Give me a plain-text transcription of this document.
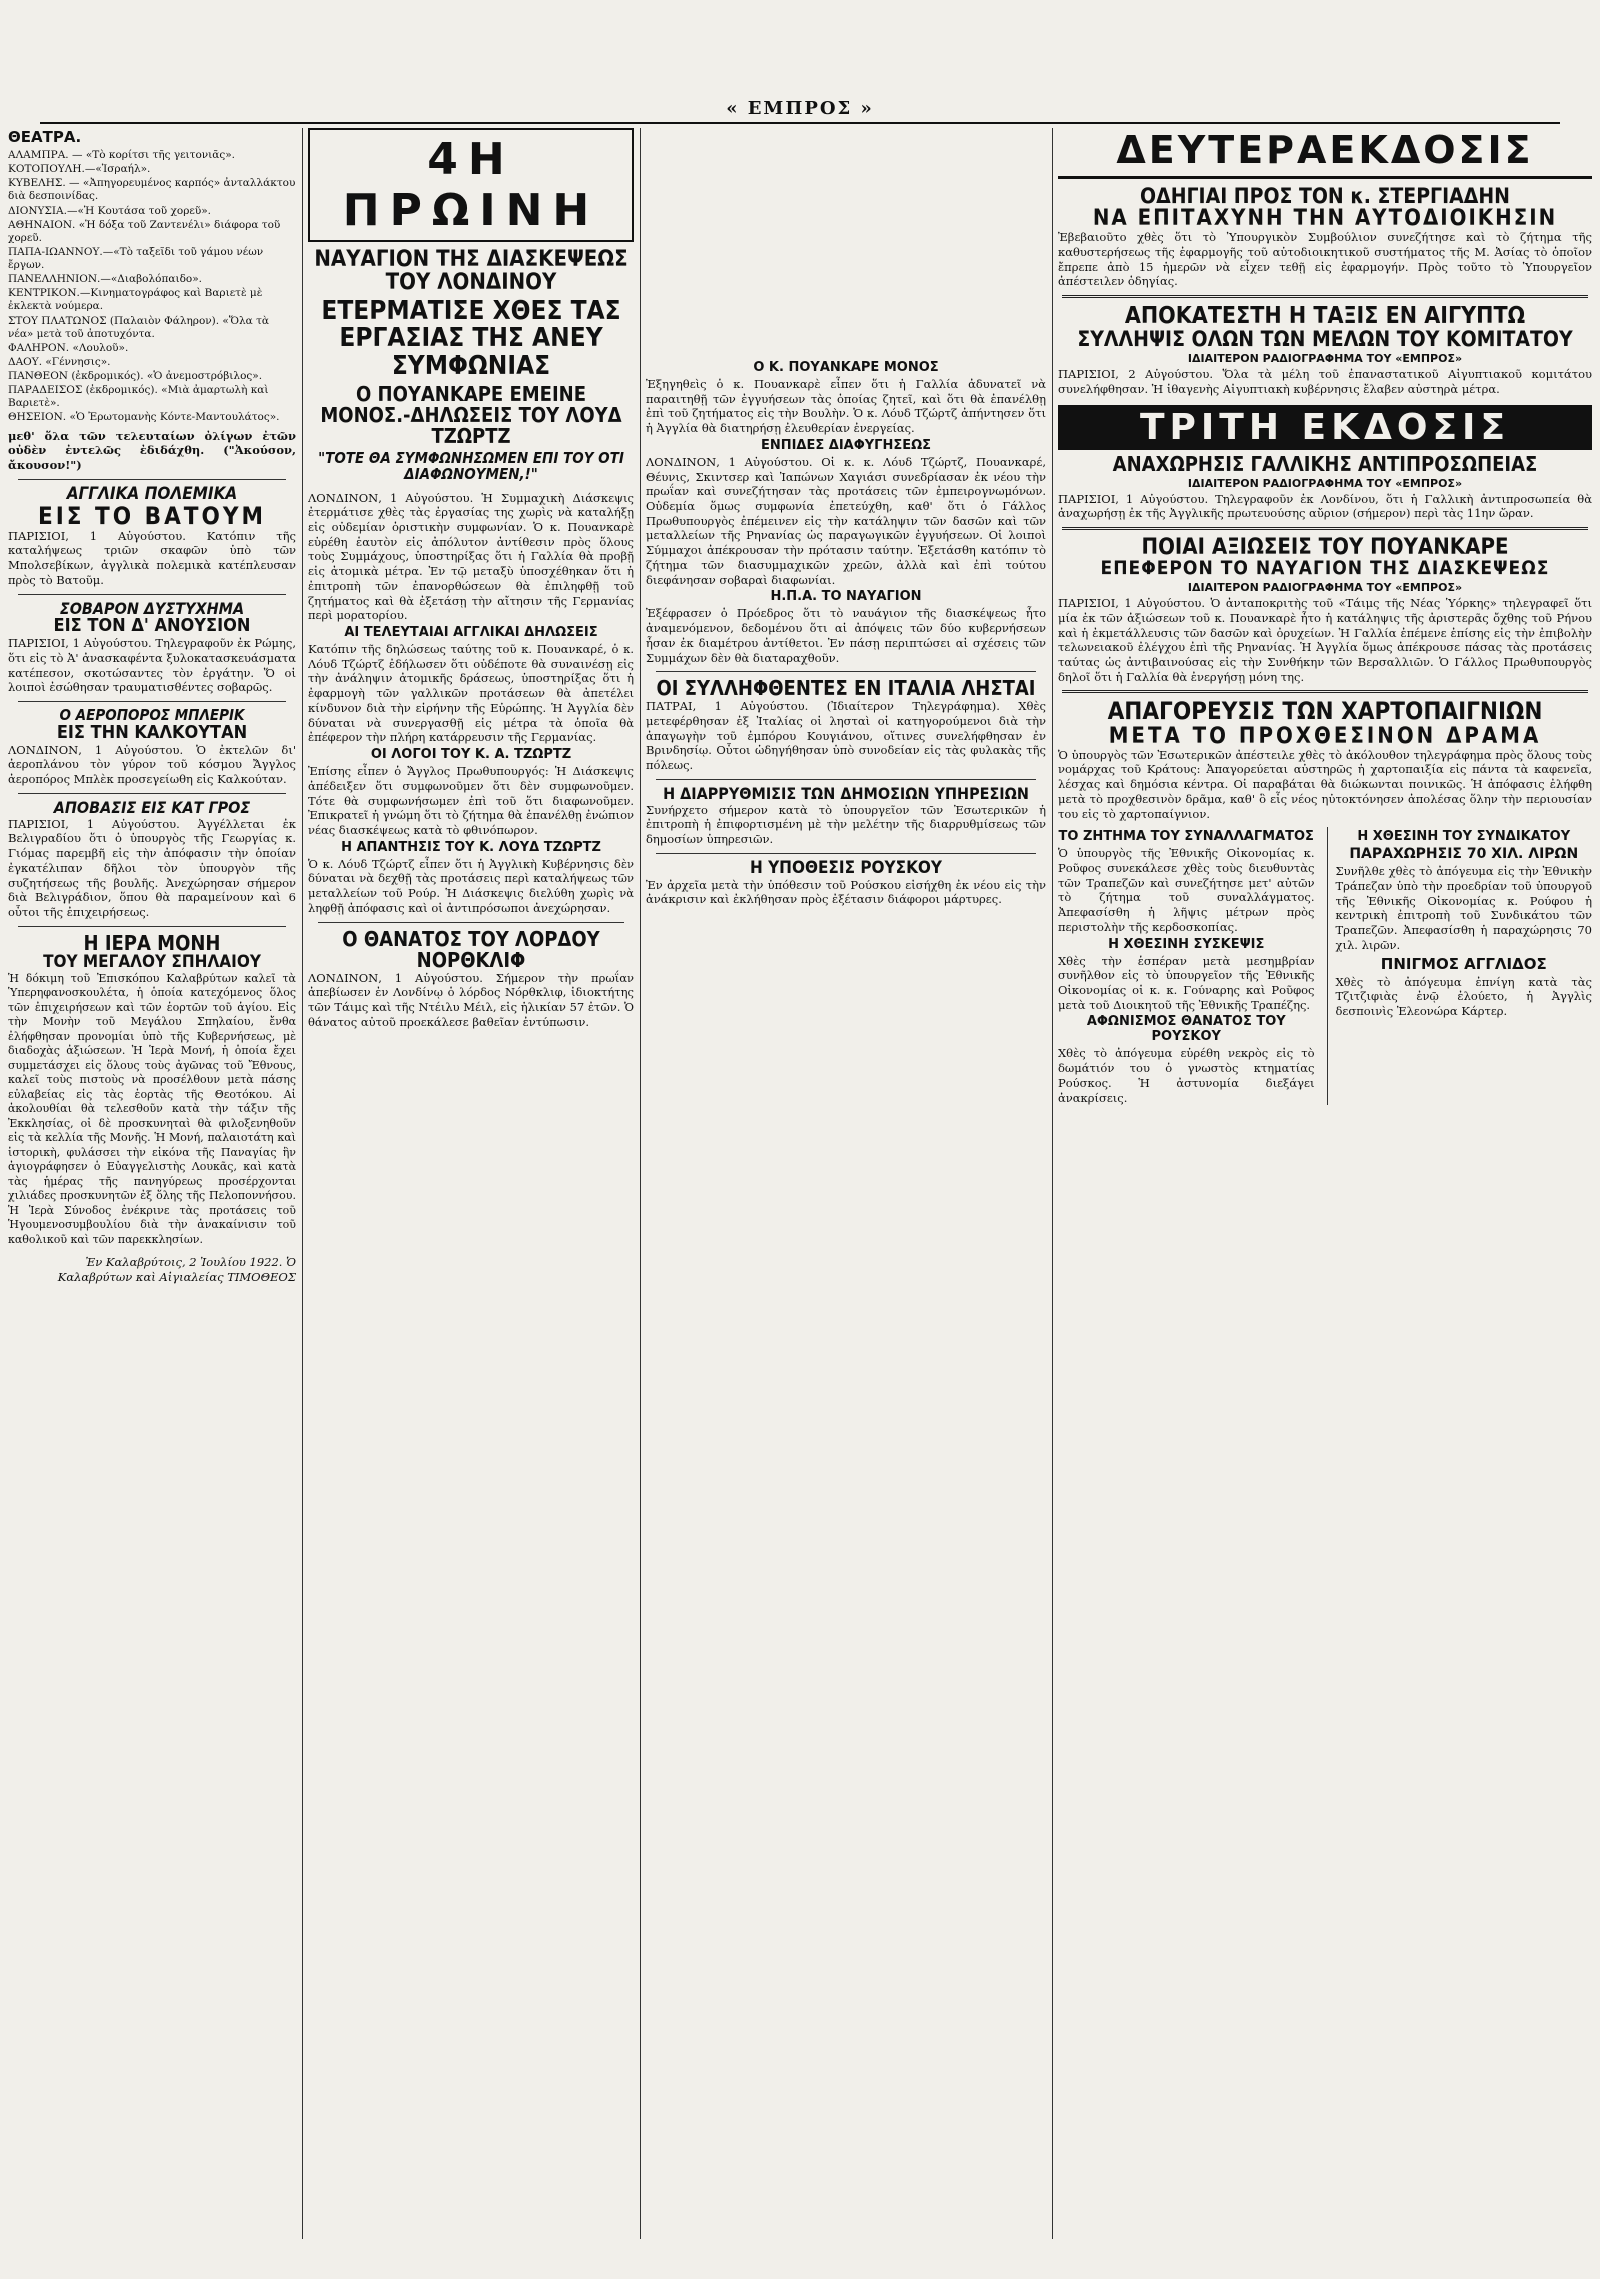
« ΕΜΠΡΟΣ »
ΘΕΑΤΡΑ.
ΑΛΑΜΠΡΑ. — «Τὸ κορίτσι τῆς γειτονιᾶς».
ΚΟΤΟΠΟΥΛΗ.—«Ἰσραήλ».
ΚΥΒΕΛΗΣ. — «Ἀπηγορευμένος καρπός» ἀνταλλάκτου διὰ δεσποινίδας.
ΔΙΟΝΥΣΙΑ.—«Ἡ Κουτάσα τοῦ χορεῦ».
ΑΘΗΝΑΙΟΝ. «Ἡ δόξα τοῦ Ζαντενέλι» διάφορα τοῦ χορεῦ.
ΠΑΠΑ-ΙΩΑΝΝΟΥ.—«Τὸ ταξεῖδι τοῦ γάμου νέων ἔργων.
ΠΑΝΕΛΛΗΝΙΟΝ.—«Διαβολόπαιδο».
ΚΕΝΤΡΙΚΟΝ.—Κινηματογράφος καὶ Βαριετὲ μὲ ἐκλεκτὰ νούμερα.
ΣΤΟΥ ΠΛΑΤΩΝΟΣ (Παλαιὸν Φάληρον). «Ὅλα τὰ νέα» μετὰ τοῦ ἀποτυχόντα.
ΦΑΛΗΡΟΝ. «Λουλοῦ».
ΔΑΟΥ. «Γέννησις».
ΠΑΝΘΕΟΝ (ἐκδρομικός). «Ὁ ἀνεμοστρόβιλος».
ΠΑΡΑΔΕΙΣΟΣ (ἐκδρομικός). «Μιὰ ἀμαρτωλὴ καὶ Βαριετὲ».
ΘΗΣΕΙΟΝ. «Ὁ Ἐρωτομανὴς Κόντε-Μαντουλάτος».
μεθ' ὅλα τῶν τελευταίων ὀλίγων ἐτῶν οὐδὲν ἐντελῶς ἐδιδάχθη. ("Ἀκούσον, ἄκουσον!")
ΑΓΓΛΙΚΑ ΠΟΛΕΜΙΚΑ
ΕΙΣ ΤΟ ΒΑΤΟΥΜ

ΠΑΡΙΣΙΟΙ, 1 Αὐγούστου. Κατόπιν τῆς καταλήψεως τριῶν σκαφῶν ὑπὸ τῶν Μπολσεβίκων, ἀγγλικὰ πολεμικὰ κατέπλευσαν πρὸς τὸ Βατοῦμ.

ΣΟΒΑΡΟΝ ΔΥΣΤΥΧΗΜΑ
ΕΙΣ ΤΟΝ Δ' ΑΝΟΥΣΙΟΝ

ΠΑΡΙΣΙΟΙ, 1 Αὐγούστου. Τηλεγραφοῦν ἐκ Ρώμης, ὅτι εἰς τὸ Ἀ' ἀνασκαφέντα ξυλοκατασκευάσματα κατέπεσον, σκοτώσαντες τὸν ἐργάτην. Ὅ οἱ λοιποὶ ἐσώθησαν τραυματισθέντες σοβαρῶς.

Ο ΑΕΡΟΠΟΡΟΣ ΜΠΛΕΡΙΚ
ΕΙΣ ΤΗΝ ΚΑΛΚΟΥΤΑΝ

ΛΟΝΔΙΝΟΝ, 1 Αὐγούστου. Ὁ ἐκτελῶν δι' ἀεροπλάνου τὸν γύρον τοῦ κόσμου Ἄγγλος ἀεροπόρος Μπλὲκ προσεγείωθη εἰς Καλκούταν.

ΑΠΟΒΑΣΙΣ ΕΙΣ ΚΑΤ ΓΡΟΣ

ΠΑΡΙΣΙΟΙ, 1 Αὐγούστου. Ἀγγέλλεται ἐκ Βελιγραδίου ὅτι ὁ ὑπουργὸς τῆς Γεωργίας κ. Γιόμας παρεμβῆ εἰς τὴν ἀπόφασιν τὴν ὁποίαν ἐγκατέλιπαν δῆλοι τὸν ὑπουργὸν τῆς συζητήσεως τῆς βουλῆς. Ἀνεχώρησαν σήμερον διὰ Βελιγράδιον, ὅπου θὰ παραμείνουν καὶ 6 οὗτοι τῆς ἐπιχειρήσεως.

Η ΙΕΡΑ ΜΟΝΗ
ΤΟΥ ΜΕΓΑΛΟΥ ΣΠΗΛΑΙΟΥ

Ἡ δόκιμη τοῦ Ἐπισκόπου Καλαβρύτων καλεῖ τὰ Ὑπερηφανοσκουλέτα, ἡ ὁποία κατεχόμενος ὅλος τῶν ἐπιχειρήσεων καὶ τῶν ἑορτῶν τοῦ ἁγίου. Εἰς τὴν Μονὴν τοῦ Μεγάλου Σπηλαίου, ἔνθα ἐλήφθησαν προνομίαι ὑπὸ τῆς Κυβερνήσεως, μὲ διαδοχὰς ἀξιώσεων. Ἡ Ἱερὰ Μονή, ἡ ὁποία ἔχει συμμετάσχει εἰς ὅλους τοὺς ἀγῶνας τοῦ Ἔθνους, καλεῖ τοὺς πιστοὺς νὰ προσέλθουν μετὰ πάσης εὐλαβείας εἰς τὰς ἑορτὰς τῆς Θεοτόκου. Αἱ ἀκολουθίαι θὰ τελεσθοῦν κατὰ τὴν τάξιν τῆς Ἐκκλησίας, οἱ δὲ προσκυνηταὶ θὰ φιλοξενηθοῦν εἰς τὰ κελλία τῆς Μονῆς. Ἡ Μονή, παλαιοτάτη καὶ ἱστορικὴ, φυλάσσει τὴν εἰκόνα τῆς Παναγίας ἣν ἀγιογράφησεν ὁ Εὐαγγελιστὴς Λουκᾶς, καὶ κατὰ τὰς ἡμέρας τῆς πανηγύρεως προσέρχονται χιλιάδες προσκυνητῶν ἐξ ὅλης τῆς Πελοποννήσου. Ἡ Ἱερὰ Σύνοδος ἐνέκρινε τὰς προτάσεις τοῦ Ἡγουμενοσυμβουλίου διὰ τὴν ἀνακαίνισιν τοῦ καθολικοῦ καὶ τῶν παρεκκλησίων.

Ἐν Καλαβρύτοις, 2 Ἰουλίου 1922. Ὁ Καλαβρύτων καὶ Αἰγιαλείας ΤΙΜΟΘΕΟΣ

4Η ΠΡΩΙΝΗ
ΝΑΥΑΓΙΟΝ ΤΗΣ ΔΙΑΣΚΕΨΕΩΣ ΤΟΥ ΛΟΝΔΙΝΟΥ
ΕΤΕΡΜΑΤΙΣΕ ΧΘΕΣ ΤΑΣ ΕΡΓΑΣΙΑΣ ΤΗΣ ΑΝΕΥ ΣΥΜΦΩΝΙΑΣ
Ο ΠΟΥΑΝΚΑΡΕ ΕΜΕΙΝΕ ΜΟΝΟΣ.-ΔΗΛΩΣΕΙΣ ΤΟΥ ΛΟΥΔ ΤΖΩΡΤΖ
"ΤΟΤΕ ΘΑ ΣΥΜΦΩΝΗΣΩΜΕΝ ΕΠΙ ΤΟΥ ΟΤΙ ΔΙΑΦΩΝΟΥΜΕΝ,!"

ΛΟΝΔΙΝΟΝ, 1 Αὐγούστου. Ἡ Συμμαχικὴ Διάσκεψις ἐτερμάτισε χθὲς τὰς ἐργασίας της χωρὶς νὰ καταλήξῃ εἰς οὐδεμίαν ὁριστικὴν συμφωνίαν. Ὁ κ. Πουανκαρὲ εὑρέθη ἑαυτὸν εἰς ἀπόλυτον ἀντίθεσιν πρὸς ὅλους τοὺς Συμμάχους, ὑποστηρίξας ὅτι ἡ Γαλλία θὰ προβῇ εἰς ἀτομικὰ μέτρα. Ἐν τῷ μεταξὺ ὑποσχέθηκαν ὅτι ἡ ἐπιτροπὴ τῶν ἐπανορθώσεων θὰ ἐπιληφθῇ τοῦ ζητήματος καὶ θὰ ἐξετάσῃ τὴν αἴτησιν τῆς Γερμανίας περὶ μορατορίου.

ΑΙ ΤΕΛΕΥΤΑΙΑΙ ΑΓΓΛΙΚΑΙ ΔΗΛΩΣΕΙΣ

Κατόπιν τῆς δηλώσεως ταύτης τοῦ κ. Πουανκαρέ, ὁ κ. Λόυδ Τζώρτζ ἐδήλωσεν ὅτι οὐδέποτε θὰ συναινέσῃ εἰς τὴν ἀνάληψιν ἀτομικῆς δράσεως, ὑποστηρίξας ὅτι ἡ ἐφαρμογὴ τῶν γαλλικῶν προτάσεων θὰ ἀπετέλει κίνδυνον διὰ τὴν εἰρήνην τῆς Εὐρώπης. Ἡ Ἀγγλία δὲν δύναται νὰ συνεργασθῇ εἰς μέτρα τὰ ὁποῖα θὰ ἐπέφερον τὴν πλήρη κατάρρευσιν τῆς Γερμανίας.

ΟΙ ΛΟΓΟΙ ΤΟΥ Κ. Α. ΤΖΩΡΤΖ

Ἐπίσης εἶπεν ὁ Ἄγγλος Πρωθυπουργός: Ἡ Διάσκεψις ἀπέδειξεν ὅτι συμφωνοῦμεν ὅτι δὲν συμφωνοῦμεν. Τότε θὰ συμφωνήσωμεν ἐπὶ τοῦ ὅτι διαφωνοῦμεν. Ἐπικρατεῖ ἡ γνώμη ὅτι τὸ ζήτημα θὰ ἐπανέλθῃ ἐνώπιον νέας διασκέψεως κατὰ τὸ φθινόπωρον.

Η ΑΠΑΝΤΗΣΙΣ ΤΟΥ Κ. ΛΟΥΔ ΤΖΩΡΤΖ

Ὁ κ. Λόυδ Τζώρτζ εἶπεν ὅτι ἡ Ἀγγλικὴ Κυβέρνησις δὲν δύναται νὰ δεχθῇ τὰς προτάσεις περὶ καταλήψεως τῶν μεταλλείων τοῦ Ρούρ. Ἡ Διάσκεψις διελύθη χωρὶς νὰ ληφθῇ ἀπόφασις καὶ οἱ ἀντιπρόσωποι ἀνεχώρησαν.

Ο ΘΑΝΑΤΟΣ ΤΟΥ ΛΟΡΔΟΥ ΝΟΡΘΚΛΙΦ

ΛΟΝΔΙΝΟΝ, 1 Αὐγούστου. Σήμερον τὴν πρωΐαν ἀπεβίωσεν ἐν Λονδίνῳ ὁ λόρδος Νόρθκλιφ, ἰδιοκτήτης τῶν Τάιμς καὶ τῆς Ντέιλυ Μέιλ, εἰς ἡλικίαν 57 ἐτῶν. Ὁ θάνατος αὐτοῦ προεκάλεσε βαθεῖαν ἐντύπωσιν.

Ο Κ. ΠΟΥΑΝΚΑΡΕ ΜΟΝΟΣ

Ἐξηγηθεὶς ὁ κ. Πουανκαρὲ εἶπεν ὅτι ἡ Γαλλία ἀδυνατεῖ νὰ παραιτηθῇ τῶν ἐγγυήσεων τὰς ὁποίας ζητεῖ, καὶ ὅτι θὰ ἐπανέλθῃ ἐπὶ τοῦ ζητήματος εἰς τὴν Βουλὴν. Ὁ κ. Λόυδ Τζώρτζ ἀπήντησεν ὅτι ἡ Ἀγγλία θὰ διατηρήσῃ ἐλευθερίαν ἐνεργείας.

ΕΝΠΙΔΕΣ ΔΙΑΦΥΓΗΣΕΩΣ

ΛΟΝΔΙΝΟΝ, 1 Αὐγούστου. Οἱ κ. κ. Λόυδ Τζώρτζ, Πουανκαρέ, Θέυνις, Σκιντσερ καὶ Ἰαπώνων Χαγιάσι συνεδρίασαν ἐκ νέου τὴν πρωΐαν καὶ συνεζήτησαν τὰς προτάσεις τῶν ἐμπειρογνωμόνων. Οὐδεμία ὅμως συμφωνία ἐπετεύχθη, καθ' ὅτι ὁ Γάλλος Πρωθυπουργὸς ἐπέμεινεν εἰς τὴν κατάληψιν τῶν δασῶν καὶ τῶν μεταλλείων τῆς Ρηνανίας ὡς παραγωγικῶν ἐγγυήσεων. Οἱ λοιποὶ Σύμμαχοι ἀπέκρουσαν τὴν πρότασιν ταύτην. Ἐξετάσθη κατόπιν τὸ ζήτημα τῶν διασυμμαχικῶν χρεῶν, ἀλλὰ καὶ ἐπὶ τούτου διεφάνησαν σοβαραὶ διαφωνίαι.

Η.Π.Α. ΤΟ ΝΑΥΑΓΙΟΝ

Ἐξέφρασεν ὁ Πρόεδρος ὅτι τὸ ναυάγιον τῆς διασκέψεως ἦτο ἀναμενόμενον, δεδομένου ὅτι αἱ ἀπόψεις τῶν δύο κυβερνήσεων ἦσαν ἐκ διαμέτρου ἀντίθετοι. Ἐν πάσῃ περιπτώσει αἱ σχέσεις τῶν Συμμάχων δὲν θὰ διαταραχθοῦν.

ΟΙ ΣΥΛΛΗΦΘΕΝΤΕΣ ΕΝ ΙΤΑΛΙΑ ΛΗΣΤΑΙ

ΠΑΤΡΑΙ, 1 Αὐγούστου. (Ἰδιαίτερον Τηλεγράφημα). Χθὲς μετεφέρθησαν ἐξ Ἰταλίας οἱ λησταὶ οἱ κατηγορούμενοι διὰ τὴν ἀπαγωγὴν τοῦ ἐμπόρου Κουγιάνου, οἵτινες συνελήφθησαν ἐν Βρινδησίῳ. Οὗτοι ὡδηγήθησαν ὑπὸ συνοδείαν εἰς τὰς φυλακὰς τῆς πόλεως.

Η ΔΙΑΡΡΥΘΜΙΣΙΣ ΤΩΝ ΔΗΜΟΣΙΩΝ ΥΠΗΡΕΣΙΩΝ

Συνήρχετο σήμερον κατὰ τὸ ὑπουργεῖον τῶν Ἐσωτερικῶν ἡ ἐπιτροπὴ ἡ ἐπιφορτισμένη μὲ τὴν μελέτην τῆς διαρρυθμίσεως τῶν δημοσίων ὑπηρεσιῶν.

Η ΥΠΟΘΕΣΙΣ ΡΟΥΣΚΟΥ

Ἐν ἀρχεῖα μετὰ τὴν ὑπόθεσιν τοῦ Ρούσκου εἰσήχθη ἐκ νέου εἰς τὴν ἀνάκρισιν καὶ ἐκλήθησαν πρὸς ἐξέτασιν διάφοροι μάρτυρες.

ΔΕΥΤΕΡΑΕΚΔΟΣΙΣ
ΟΔΗΓΙΑΙ ΠΡΟΣ ΤΟΝ κ. ΣΤΕΡΓΙΑΔΗΝ
ΝΑ ΕΠΙΤΑΧΥΝΗ ΤΗΝ ΑΥΤΟΔΙΟΙΚΗΣΙΝ

Ἐβεβαιοῦτο χθὲς ὅτι τὸ Ὑπουργικὸν Συμβούλιον συνεζήτησε καὶ τὸ ζήτημα τῆς καθυστερήσεως τῆς ἐφαρμογῆς τοῦ αὐτοδιοικητικοῦ συστήματος τῆς Μ. Ἀσίας τὸ ὁποῖον ἔπρεπε ἀπὸ 15 ἡμερῶν νὰ εἶχεν τεθῇ εἰς ἐφαρμογήν. Πρὸς τοῦτο τὸ Ὑπουργεῖον ἀπέστειλεν ὁδηγίας.

ΑΠΟΚΑΤΕΣΤΗ Η ΤΑΞΙΣ ΕΝ ΑΙΓΥΠΤΩ
ΣΥΛΛΗΨΙΣ ΟΛΩΝ ΤΩΝ ΜΕΛΩΝ ΤΟΥ ΚΟΜΙΤΑΤΟΥ
ΙΔΙΑΙΤΕΡΟΝ ΡΑΔΙΟΓΡΑΦΗΜΑ ΤΟΥ «ΕΜΠΡΟΣ»

ΠΑΡΙΣΙΟΙ, 2 Αὐγούστου. Ὅλα τὰ μέλη τοῦ ἐπαναστατικοῦ Αἰγυπτιακοῦ κομιτάτου συνελήφθησαν. Ἡ ἰθαγενὴς Αἰγυπτιακὴ κυβέρνησις ἔλαβεν αὐστηρὰ μέτρα.

ΤΡΙΤΗ ΕΚΔΟΣΙΣ
ΑΝΑΧΩΡΗΣΙΣ ΓΑΛΛΙΚΗΣ ΑΝΤΙΠΡΟΣΩΠΕΙΑΣ
ΙΔΙΑΙΤΕΡΟΝ ΡΑΔΙΟΓΡΑΦΗΜΑ ΤΟΥ «ΕΜΠΡΟΣ»

ΠΑΡΙΣΙΟΙ, 1 Αὐγούστου. Τηλεγραφοῦν ἐκ Λονδίνου, ὅτι ἡ Γαλλικὴ ἀντιπροσωπεία θὰ ἀναχωρήσῃ ἐκ τῆς Ἀγγλικῆς πρωτευούσης αὔριον (σήμερον) περὶ τὰς 11ην ὥραν.

ΠΟΙΑΙ ΑΞΙΩΣΕΙΣ ΤΟΥ ΠΟΥΑΝΚΑΡΕ
ΕΠΕΦΕΡΟΝ ΤΟ ΝΑΥΑΓΙΟΝ ΤΗΣ ΔΙΑΣΚΕΨΕΩΣ
ΙΔΙΑΙΤΕΡΟΝ ΡΑΔΙΟΓΡΑΦΗΜΑ ΤΟΥ «ΕΜΠΡΟΣ»

ΠΑΡΙΣΙΟΙ, 1 Αὐγούστου. Ὁ ἀνταποκριτὴς τοῦ «Τάιμς τῆς Νέας Ὑόρκης» τηλεγραφεῖ ὅτι μία ἐκ τῶν ἀξιώσεων τοῦ κ. Πουανκαρὲ ἦτο ἡ κατάληψις τῆς ἀριστερᾶς ὄχθης τοῦ Ρήνου καὶ ἡ ἐκμετάλλευσις τῶν δασῶν καὶ ὀρυχείων. Ἡ Γαλλία ἐπέμενε ἐπίσης εἰς τὴν ἐπιβολὴν τελωνειακοῦ ἐλέγχου ἐπὶ τῆς Ρηνανίας. Ἡ Ἀγγλία ὅμως ἀπέκρουσε πάσας τὰς προτάσεις ταύτας ὡς ἀντιβαινούσας εἰς τὴν Συνθήκην τῶν Βερσαλλιῶν. Ὁ Γάλλος Πρωθυπουργὸς δηλοῖ ὅτι ἡ Γαλλία θὰ ἐνεργήσῃ μόνη της.

ΑΠΑΓΟΡΕΥΣΙΣ ΤΩΝ ΧΑΡΤΟΠΑΙΓΝΙΩΝ
ΜΕΤΑ ΤΟ ΠΡΟΧΘΕΣΙΝΟΝ ΔΡΑΜΑ

Ὁ ὑπουργὸς τῶν Ἐσωτερικῶν ἀπέστειλε χθὲς τὸ ἀκόλουθον τηλεγράφημα πρὸς ὅλους τοὺς νομάρχας τοῦ Κράτους: Ἀπαγορεύεται αὐστηρῶς ἡ χαρτοπαιξία εἰς πάντα τὰ καφενεῖα, λέσχας καὶ δημόσια κέντρα. Οἱ παραβάται θὰ διώκωνται ποινικῶς. Ἡ ἀπόφασις ἐλήφθη μετὰ τὸ προχθεσινὸν δρᾶμα, καθ' ὃ εἷς νέος ηὐτοκτόνησεν ἀπολέσας ὅλην τὴν περιουσίαν του εἰς τὸ χαρτοπαίγνιον.

ΤΟ ΖΗΤΗΜΑ ΤΟΥ ΣΥΝΑΛΛΑΓΜΑΤΟΣ

Ὁ ὑπουργὸς τῆς Ἐθνικῆς Οἰκονομίας κ. Ροῦφος συνεκάλεσε χθὲς τοὺς διευθυντὰς τῶν Τραπεζῶν καὶ συνεζήτησε μετ' αὐτῶν τὸ ζήτημα τοῦ συναλλάγματος. Ἀπεφασίσθη ἡ λῆψις μέτρων πρὸς περιστολὴν τῆς κερδοσκοπίας.

Η ΧΘΕΣΙΝΗ ΣΥΣΚΕΨΙΣ

Χθὲς τὴν ἑσπέραν μετὰ μεσημβρίαν συνῆλθον εἰς τὸ ὑπουργεῖον τῆς Ἐθνικῆς Οἰκονομίας οἱ κ. κ. Γούναρης καὶ Ροῦφος μετὰ τοῦ Διοικητοῦ τῆς Ἐθνικῆς Τραπέζης.

ΑΦΩΝΙΣΜΟΣ ΘΑΝΑΤΟΣ ΤΟΥ ΡΟΥΣΚΟΥ

Χθὲς τὸ ἀπόγευμα εὑρέθη νεκρὸς εἰς τὸ δωμάτιόν του ὁ γνωστὸς κτηματίας Ρούσκος. Ἡ ἀστυνομία διεξάγει ἀνακρίσεις.

Η ΧΘΕΣΙΝΗ ΤΟΥ ΣΥΝΔΙΚΑΤΟΥ
ΠΑΡΑΧΩΡΗΣΙΣ 70 ΧΙΛ. ΛΙΡΩΝ

Συνῆλθε χθὲς τὸ ἀπόγευμα εἰς τὴν Ἐθνικὴν Τράπεζαν ὑπὸ τὴν προεδρίαν τοῦ ὑπουργοῦ τῆς Ἐθνικῆς Οἰκονομίας κ. Ρούφου ἡ κεντρικὴ ἐπιτροπὴ τοῦ Συνδικάτου τῶν Τραπεζῶν. Ἀπεφασίσθη ἡ παραχώρησις 70 χιλ. λιρῶν.

ΠΝΙΓΜΟΣ ΑΓΓΛΙΔΟΣ

Χθὲς τὸ ἀπόγευμα ἐπνίγη κατὰ τὰς Τζιτζιφιὰς ἐνῷ ἐλούετο, ἡ Ἀγγλὶς δεσποινὶς Ἐλεονώρα Κάρτερ.
